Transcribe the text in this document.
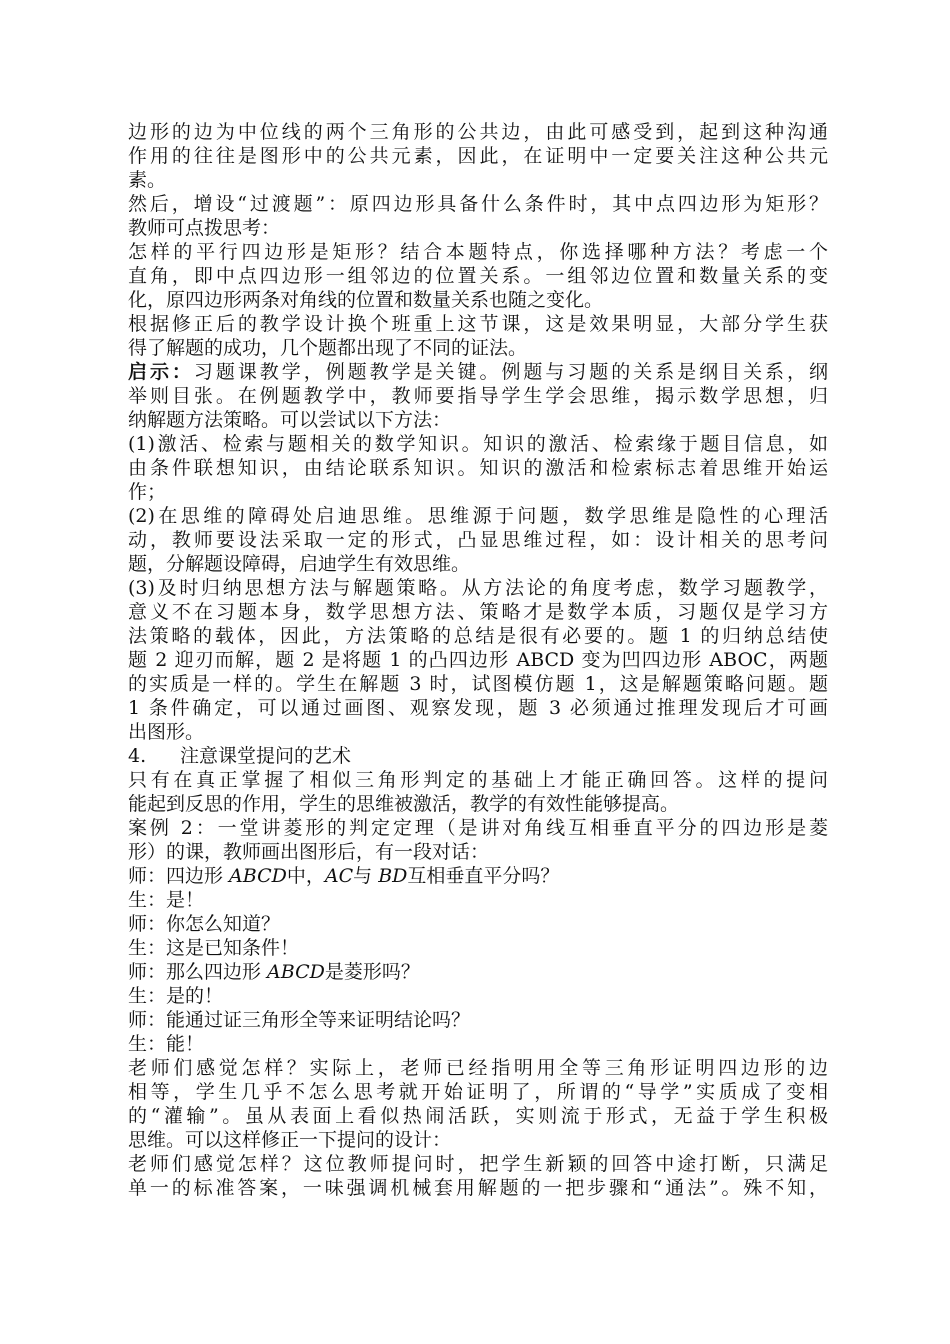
边形的边为中位线的两个三角形的公共边，由此可感受到，起到这种沟通
作用的往往是图形中的公共元素，因此，在证明中一定要关注这种公共元
素。
然后，增设“过渡题”：原四边形具备什么条件时，其中点四边形为矩形？
教师可点拨思考：
怎样的平行四边形是矩形？结合本题特点，你选择哪种方法？考虑一个
直角，即中点四边形一组邻边的位置关系。一组邻边位置和数量关系的变
化，原四边形两条对角线的位置和数量关系也随之变化。
根据修正后的教学设计换个班重上这节课，这是效果明显，大部分学生获
得了解题的成功，几个题都出现了不同的证法。
启示：习题课教学，例题教学是关键。例题与习题的关系是纲目关系，纲
举则目张。在例题教学中，教师要指导学生学会思维，揭示数学思想，归
纳解题方法策略。可以尝试以下方法：
(1)激活、检索与题相关的数学知识。知识的激活、检索缘于题目信息，如
由条件联想知识，由结论联系知识。知识的激活和检索标志着思维开始运
作；
(2)在思维的障碍处启迪思维。思维源于问题，数学思维是隐性的心理活
动，教师要设法采取一定的形式，凸显思维过程，如：设计相关的思考问
题，分解题设障碍，启迪学生有效思维。
(3)及时归纳思想方法与解题策略。从方法论的角度考虑，数学习题教学，
意义不在习题本身，数学思想方法、策略才是数学本质，习题仅是学习方
法策略的载体，因此，方法策略的总结是很有必要的。题 1 的归纳总结使
题 2 迎刃而解，题 2 是将题 1 的凸四边形 ABCD 变为凹四边形 ABOC，两题
的实质是一样的。学生在解题 3 时，试图模仿题 1，这是解题策略问题。题
1 条件确定，可以通过画图、观察发现，题 3 必须通过推理发现后才可画
出图形。
4. 注意课堂提问的艺术
只有在真正掌握了相似三角形判定的基础上才能正确回答。这样的提问
能起到反思的作用，学生的思维被激活，教学的有效性能够提高。
案例 2：一堂讲菱形的判定定理（是讲对角线互相垂直平分的四边形是菱
形）的课，教师画出图形后，有一段对话：
师：四边形 ABCD中，AC与 BD互相垂直平分吗？
生：是！
师：你怎么知道？
生：这是已知条件！
师：那么四边形 ABCD是菱形吗？
生：是的！
师：能通过证三角形全等来证明结论吗？
生：能！
老师们感觉怎样？实际上，老师已经指明用全等三角形证明四边形的边
相等，学生几乎不怎么思考就开始证明了，所谓的“导学”实质成了变相
的“灌输”。虽从表面上看似热闹活跃，实则流于形式，无益于学生积极
思维。可以这样修正一下提问的设计：
老师们感觉怎样？这位教师提问时，把学生新颖的回答中途打断，只满足
单一的标准答案，一味强调机械套用解题的一把步骤和“通法”。殊不知，
